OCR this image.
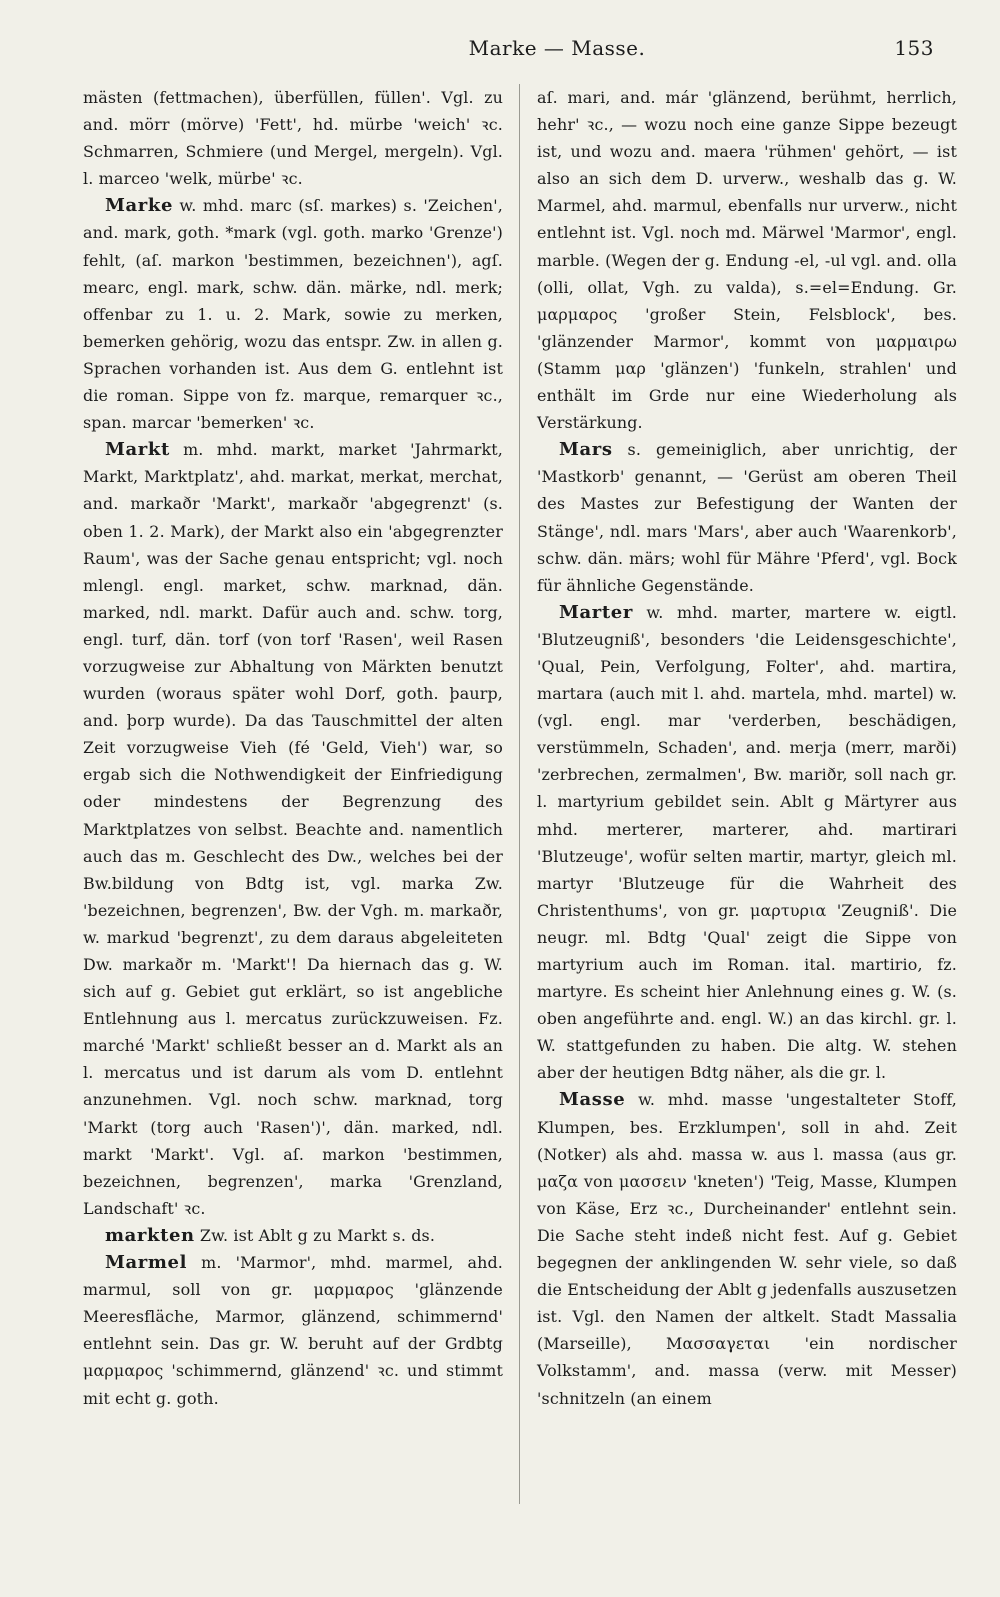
Marke — Masse.	153

mästen (fettmachen), überfüllen, füllen'. Vgl. zu and. mörr (mörve) 'Fett', hd. mürbe 'weich' ꝛc. Schmarren, Schmiere (und Mergel, mergeln). Vgl. l. marceo 'welk, mürbe' ꝛc.

Marke w. mhd. marc (sſ. markes) s. 'Zeichen', and. mark, goth. *mark (vgl. goth. marko 'Grenze') fehlt, (aſ. markon 'bestimmen, bezeichnen'), agſ. mearc, engl. mark, schw. dän. märke, ndl. merk; offenbar zu 1. u. 2. Mark, sowie zu merken, bemerken gehörig, wozu das entspr. Zw. in allen g. Sprachen vorhanden ist. Aus dem G. entlehnt ist die roman. Sippe von fz. marque, remarquer ꝛc., span. marcar 'bemerken' ꝛc.

Markt m. mhd. markt, market 'Jahrmarkt, Markt, Marktplatz', ahd. markat, merkat, merchat, and. markaðr 'Markt', markaðr 'abgegrenzt' (s. oben 1. 2. Mark), der Markt also ein 'abgegrenzter Raum', was der Sache genau entspricht; vgl. noch mlengl. engl. market, schw. marknad, dän. marked, ndl. markt. Dafür auch and. schw. torg, engl. turf, dän. torf (von torf 'Rasen', weil Rasen vorzugweise zur Abhaltung von Märkten benutzt wurden (woraus später wohl Dorf, goth. þaurp, and. þorp wurde). Da das Tauschmittel der alten Zeit vorzugweise Vieh (fé 'Geld, Vieh') war, so ergab sich die Nothwendigkeit der Einfriedigung oder mindestens der Begrenzung des Marktplatzes von selbst. Beachte and. namentlich auch das m. Geschlecht des Dw., welches bei der Bw.bildung von Bdtg ist, vgl. marka Zw. 'bezeichnen, begrenzen', Bw. der Vgh. m. markaðr, w. markud 'begrenzt', zu dem daraus abgeleiteten Dw. markaðr m. 'Markt'! Da hiernach das g. W. sich auf g. Gebiet gut erklärt, so ist angebliche Entlehnung aus l. mercatus zurückzuweisen. Fz. marché 'Markt' schließt besser an d. Markt als an l. mercatus und ist darum als vom D. entlehnt anzunehmen. Vgl. noch schw. marknad, torg 'Markt (torg auch 'Rasen')', dän. marked, ndl. markt 'Markt'. Vgl. aſ. markon 'bestimmen, bezeichnen, begrenzen', marka 'Grenzland, Landschaft' ꝛc.

markten Zw. ist Ablt g zu Markt s. ds.

Marmel m. 'Marmor', mhd. marmel, ahd. marmul, soll von gr. μαρμαρος 'glänzende Meeresfläche, Marmor, glänzend, schimmernd' entlehnt sein. Das gr. W. beruht auf der Grdbtg μαρμαρος 'schimmernd, glänzend' ꝛc. und stimmt mit echt g. goth.

aſ. mari, and. már 'glänzend, berühmt, herrlich, hehr' ꝛc., — wozu noch eine ganze Sippe bezeugt ist, und wozu and. maera 'rühmen' gehört, — ist also an sich dem D. urverw., weshalb das g. W. Marmel, ahd. marmul, ebenfalls nur urverw., nicht entlehnt ist. Vgl. noch md. Märwel 'Marmor', engl. marble. (Wegen der g. Endung -el, -ul vgl. and. olla (olli, ollat, Vgh. zu valda), s.=el=Endung. Gr. μαρμαρος 'großer Stein, Felsblock', bes. 'glänzender Marmor', kommt von μαρμαιρω (Stamm μαρ 'glänzen') 'funkeln, strahlen' und enthält im Grde nur eine Wiederholung als Verstärkung.

Mars s. gemeiniglich, aber unrichtig, der 'Mastkorb' genannt, — 'Gerüst am oberen Theil des Mastes zur Befestigung der Wanten der Stänge', ndl. mars 'Mars', aber auch 'Waarenkorb', schw. dän. märs; wohl für Mähre 'Pferd', vgl. Bock für ähnliche Gegenstände.

Marter w. mhd. marter, martere w. eigtl. 'Blutzeugniß', besonders 'die Leidensgeschichte', 'Qual, Pein, Verfolgung, Folter', ahd. martira, martara (auch mit l. ahd. martela, mhd. martel) w. (vgl. engl. mar 'verderben, beschädigen, verstümmeln, Schaden', and. merja (merr, marði) 'zerbrechen, zermalmen', Bw. mariðr, soll nach gr. l. martyrium gebildet sein. Ablt g Märtyrer aus mhd. merterer, marterer, ahd. martirari 'Blutzeuge', wofür selten martir, martyr, gleich ml. martyr 'Blutzeuge für die Wahrheit des Christenthums', von gr. μαρτυρια 'Zeugniß'. Die neugr. ml. Bdtg 'Qual' zeigt die Sippe von martyrium auch im Roman. ital. martirio, fz. martyre. Es scheint hier Anlehnung eines g. W. (s. oben angeführte and. engl. W.) an das kirchl. gr. l. W. stattgefunden zu haben. Die altg. W. stehen aber der heutigen Bdtg näher, als die gr. l.

Masse w. mhd. masse 'ungestalteter Stoff, Klumpen, bes. Erzklumpen', soll in ahd. Zeit (Notker) als ahd. massa w. aus l. massa (aus gr. μαζα von μασσειν 'kneten') 'Teig, Masse, Klumpen von Käse, Erz ꝛc., Durcheinander' entlehnt sein. Die Sache steht indeß nicht fest. Auf g. Gebiet begegnen der anklingenden W. sehr viele, so daß die Entscheidung der Ablt g jedenfalls auszusetzen ist. Vgl. den Namen der altkelt. Stadt Massalia (Marseille), Μασσαγεται 'ein nordischer Volkstamm', and. massa (verw. mit Messer) 'schnitzeln (an einem
